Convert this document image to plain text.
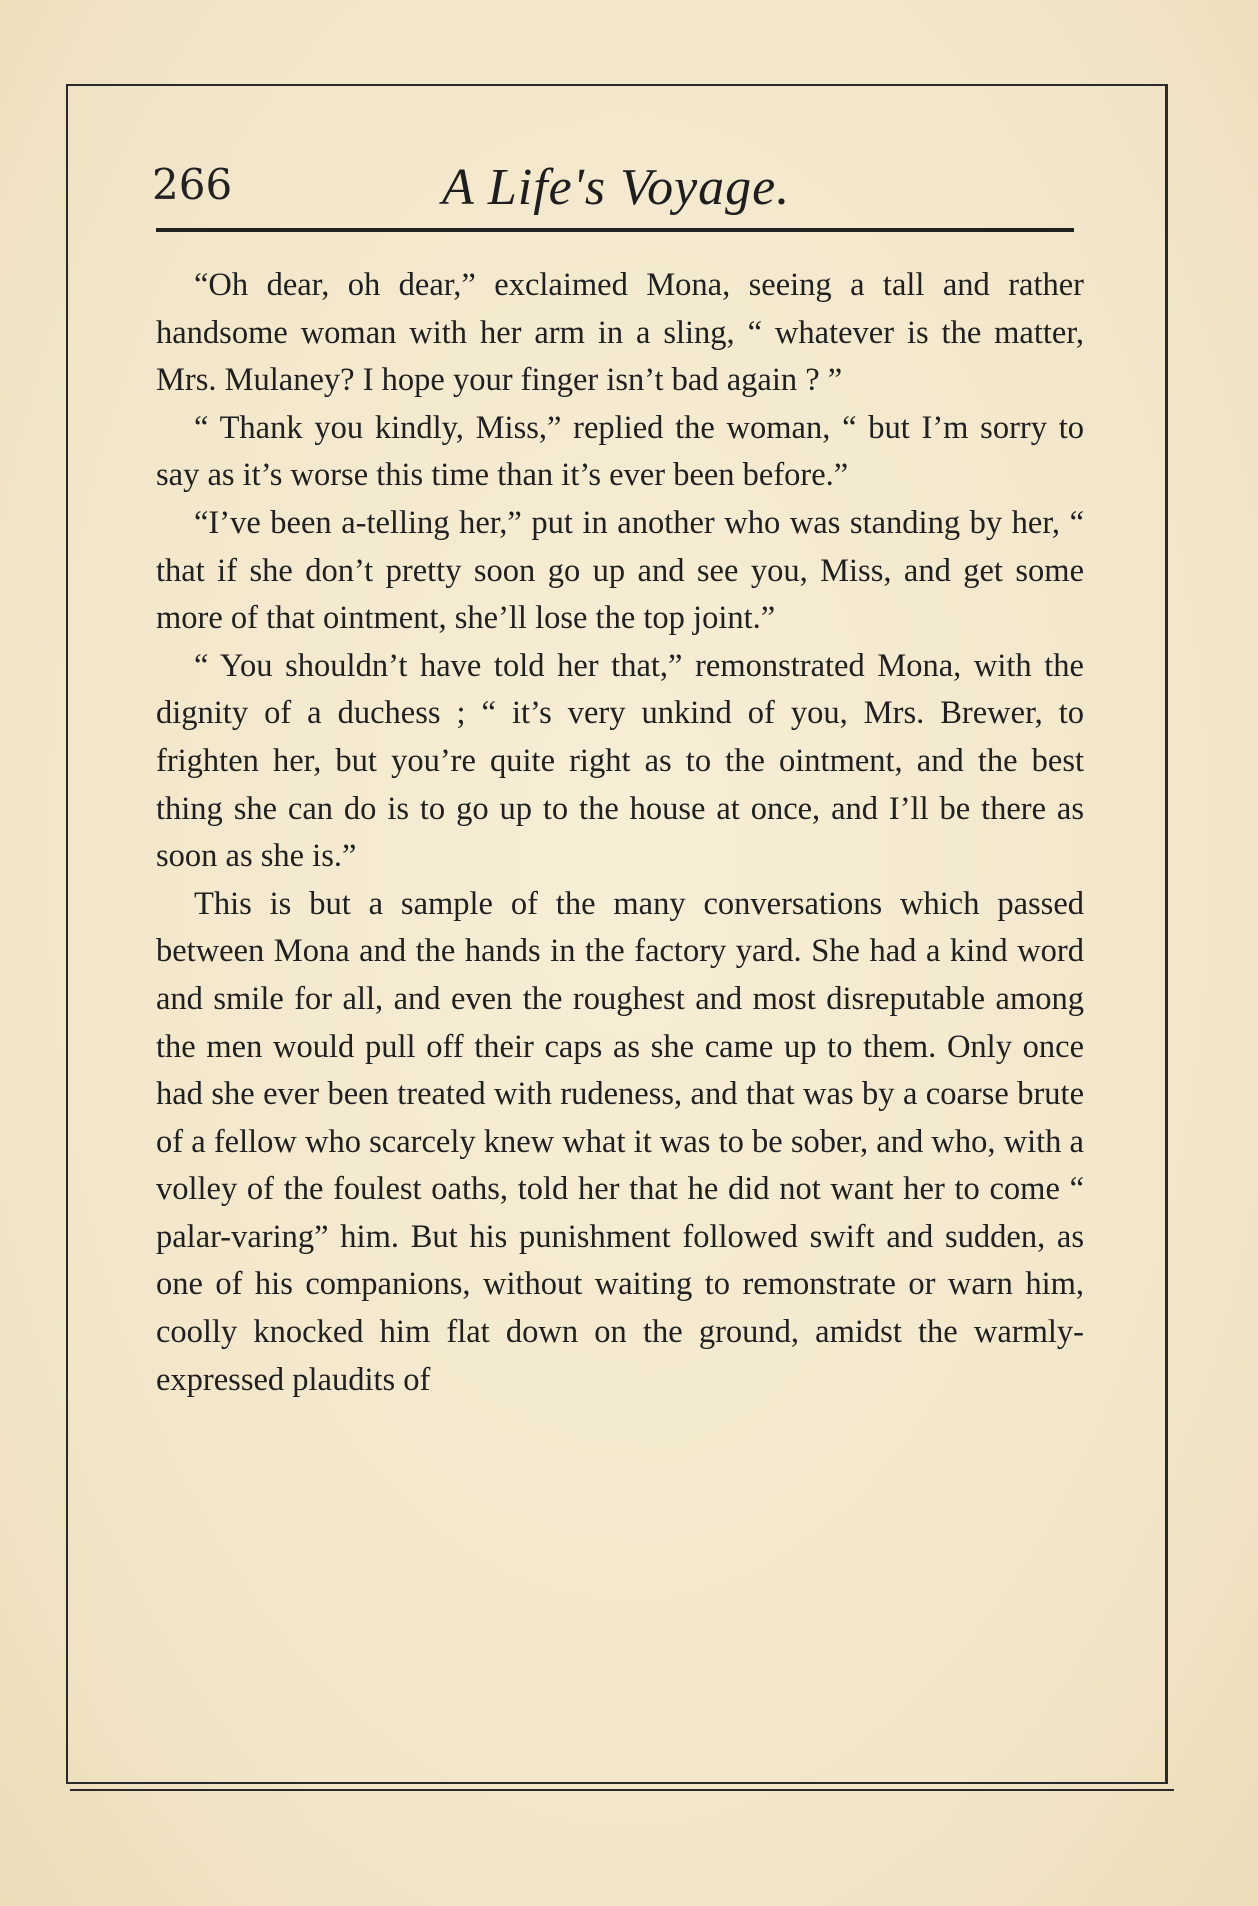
266	A Life's Voyage.

“Oh dear, oh dear,” exclaimed Mona, seeing a tall and rather handsome woman with her arm in a sling, “ whatever is the matter, Mrs. Mulaney? I hope your finger isn’t bad again ? ”

“ Thank you kindly, Miss,” replied the woman, “ but I’m sorry to say as it’s worse this time than it’s ever been before.”

“I’ve been a-telling her,” put in another who was standing by her, “ that if she don’t pretty soon go up and see you, Miss, and get some more of that ointment, she’ll lose the top joint.”

“ You shouldn’t have told her that,” remonstrated Mona, with the dignity of a duchess ; “ it’s very unkind of you, Mrs. Brewer, to frighten her, but you’re quite right as to the ointment, and the best thing she can do is to go up to the house at once, and I’ll be there as soon as she is.”

This is but a sample of the many conversations which passed between Mona and the hands in the factory yard. She had a kind word and smile for all, and even the roughest and most disreputable among the men would pull off their caps as she came up to them. Only once had she ever been treated with rudeness, and that was by a coarse brute of a fellow who scarcely knew what it was to be sober, and who, with a volley of the foulest oaths, told her that he did not want her to come “ palar-varing” him. But his punishment followed swift and sudden, as one of his companions, without waiting to remonstrate or warn him, coolly knocked him flat down on the ground, amidst the warmly-expressed plaudits of
